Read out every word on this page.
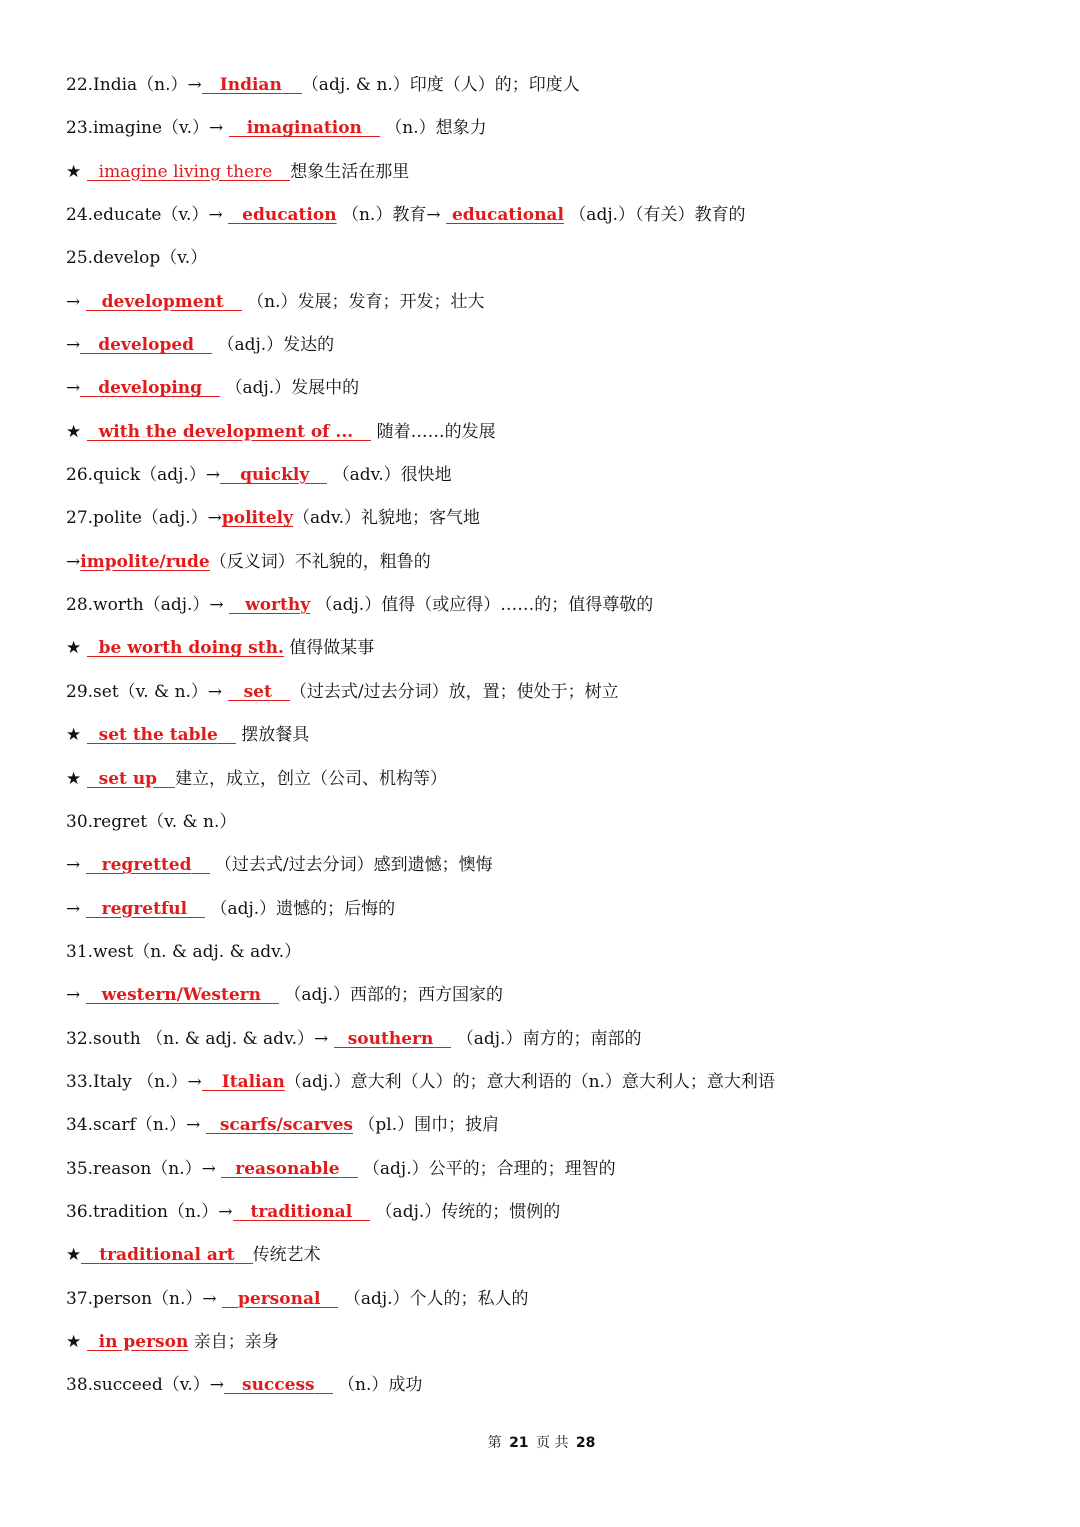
22.India（n.）→ Indian （adj. & n.）印度（人）的；印度人
23.imagine（v.）→ imagination （n.）想象力
★ imagine living there 想象生活在那里
24.educate（v.）→ education （n.）教育→ educational （adj.）（有关）教育的
25.develop（v.）
→ development （n.）发展；发育；开发；壮大
→ developed （adj.）发达的
→ developing （adj.）发展中的
★ with the development of ... 随着……的发展
26.quick（adj.）→ quickly （adv.）很快地
27.polite（adj.）→politely（adv.）礼貌地；客气地
→impolite/rude（反义词）不礼貌的，粗鲁的
28.worth（adj.）→ worthy （adj.）值得（或应得）……的；值得尊敬的
★ be worth doing sth. 值得做某事
29.set（v. & n.）→ set （过去式/过去分词）放，置；使处于；树立
★ set the table 摆放餐具
★ set up 建立，成立，创立（公司、机构等）
30.regret（v. & n.）
→ regretted （过去式/过去分词）感到遗憾；懊悔
→ regretful （adj.）遗憾的；后悔的
31.west（n. & adj. & adv.）
→ western/Western （adj.）西部的；西方国家的
32.south （n. & adj. & adv.）→ southern （adj.）南方的；南部的
33.Italy （n.）→ Italian（adj.）意大利（人）的；意大利语的（n.）意大利人；意大利语
34.scarf（n.）→ scarfs/scarves （pl.）围巾；披肩
35.reason（n.）→ reasonable （adj.）公平的；合理的；理智的
36.tradition（n.）→ traditional （adj.）传统的；惯例的
★ traditional art 传统艺术
37.person（n.）→ personal （adj.）个人的；私人的
★ in person 亲自；亲身
38.succeed（v.）→ success （n.）成功
第 21 页 共 28
